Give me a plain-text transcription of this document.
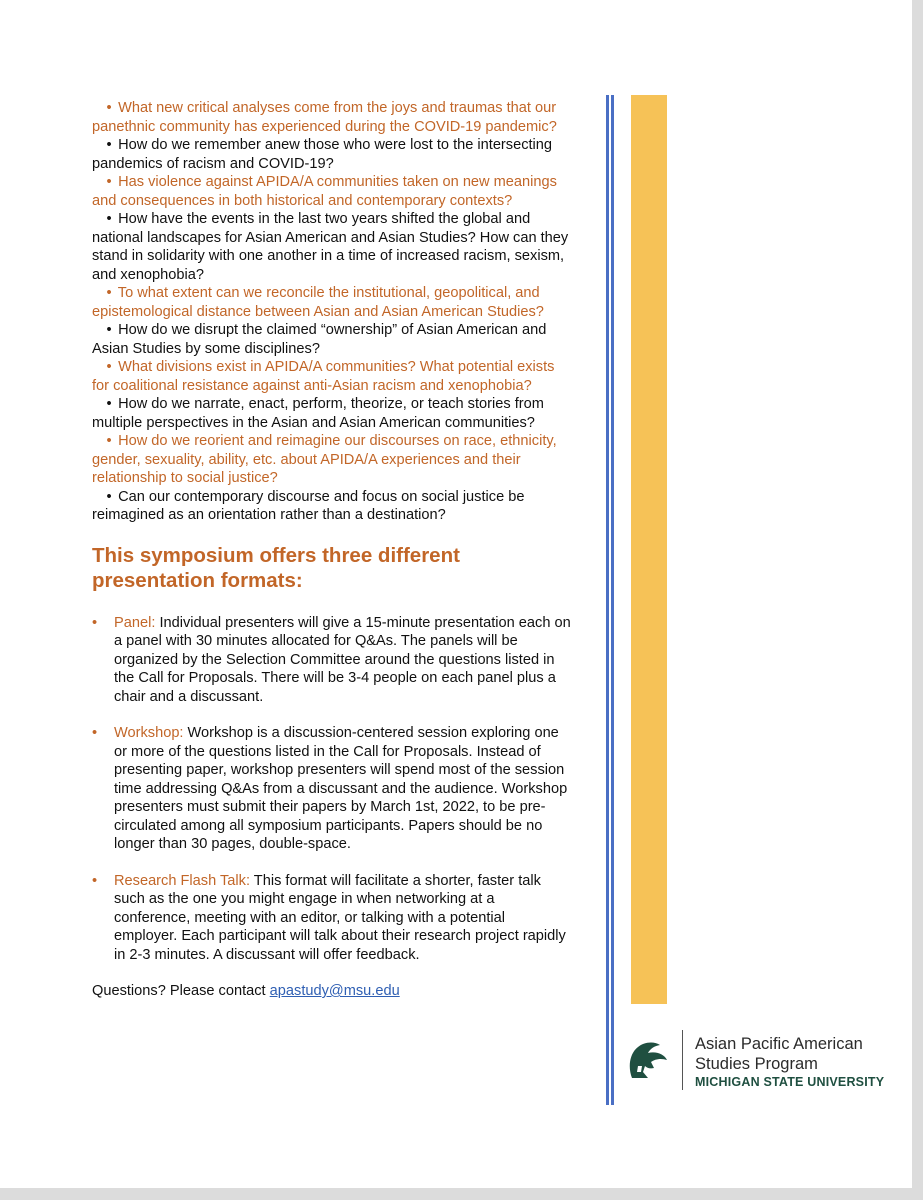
• What new critical analyses come from the joys and traumas that our panethnic community has experienced during the COVID-19 pandemic?

• How do we remember anew those who were lost to the intersecting pandemics of racism and COVID-19?

• Has violence against APIDA/A communities taken on new meanings and consequences in both historical and contemporary contexts?

• How have the events in the last two years shifted the global and national landscapes for Asian American and Asian Studies? How can they stand in solidarity with one another in a time of increased racism, sexism, and xenophobia?

• To what extent can we reconcile the institutional, geopolitical, and epistemological distance between Asian and Asian American Studies?

• How do we disrupt the claimed “ownership” of Asian American and Asian Studies by some disciplines?

• What divisions exist in APIDA/A communities? What potential exists for coalitional resistance against anti-Asian racism and xenophobia?

• How do we narrate, enact, perform, theorize, or teach stories from multiple perspectives in the Asian and Asian American communities?

• How do we reorient and reimagine our discourses on race, ethnicity, gender, sexuality, ability, etc. about APIDA/A experiences and their relationship to social justice?

• Can our contemporary discourse and focus on social justice be reimagined as an orientation rather than a destination?

This symposium offers three different presentation formats:
• Panel: Individual presenters will give a 15-minute presentation each on a panel with 30 minutes allocated for Q&As. The panels will be organized by the Selection Committee around the questions listed in the Call for Proposals. There will be 3-4 people on each panel plus a chair and a discussant.
• Workshop: Workshop is a discussion-centered session exploring one or more of the questions listed in the Call for Proposals. Instead of presenting paper, workshop presenters will spend most of the session time addressing Q&As from a discussant and the audience. Workshop presenters must submit their papers by March 1st, 2022, to be pre-circulated among all symposium participants. Papers should be no longer than 30 pages, double-space.
• Research Flash Talk: This format will facilitate a shorter, faster talk such as the one you might engage in when networking at a conference, meeting with an editor, or talking with a potential employer. Each participant will talk about their research project rapidly in 2-3 minutes. A discussant will offer feedback.

Questions? Please contact apastudy@msu.edu

Asian Pacific American
Studies Program
MICHIGAN STATE UNIVERSITY
